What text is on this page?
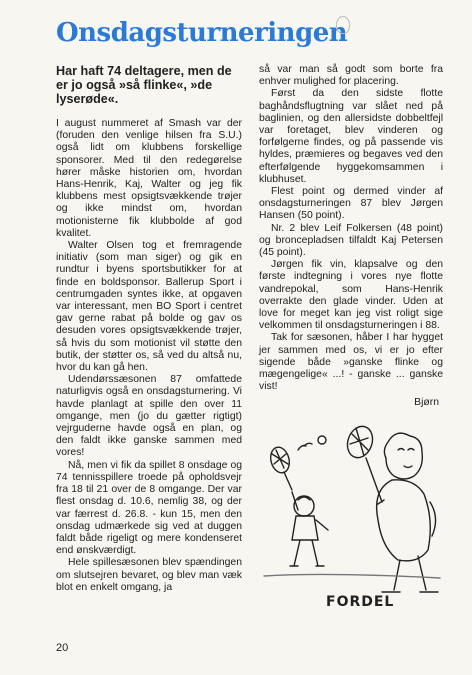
Onsdagsturneringen

Har haft 74 deltagere, men de er jo også »så flinke«, »de lyserøde«.

I august nummeret af Smash var der (foruden den venlige hilsen fra S.U.) også lidt om klubbens forskellige sponsorer. Med til den redegørelse hører måske historien om, hvordan Hans-Henrik, Kaj, Walter og jeg fik klubbens mest opsigtsvækkende trøjer og ikke mindst om, hvordan motionisterne fik klubbolde af god kvalitet.

Walter Olsen tog et fremragende initiativ (som man siger) og gik en rundtur i byens sportsbutikker for at finde en boldsponsor. Ballerup Sport i centrumgaden syntes ikke, at opgaven var interessant, men BO Sport i centret gav gerne rabat på bolde og gav os desuden vores opsigtsvækkende trøjer, så hvis du som motionist vil støtte den butik, der støtter os, så ved du altså nu, hvor du kan gå hen.

Udendørssæsonen 87 omfattede naturligvis også en onsdagsturnering. Vi havde planlagt at spille den over 11 omgange, men (jo du gætter rigtigt) vejrguderne havde også en plan, og den faldt ikke ganske sammen med vores!

Nå, men vi fik da spillet 8 onsdage og 74 tennisspillere troede på opholdsvejr fra 18 til 21 over de 8 omgange. Der var flest onsdag d. 10.6, nemlig 38, og der var færrest d. 26.8. - kun 15, men den onsdag udmærkede sig ved at duggen faldt både rigeligt og mere kondenseret end ønskværdigt.

Hele spillesæsonen blev spændingen om slutsejren bevaret, og blev man væk blot en enkelt omgang, ja

så var man så godt som borte fra enhver mulighed for placering.

Først da den sidste flotte baghåndsflugtning var slået ned på baglinien, og den allersidste dobbeltfejl var foretaget, blev vinderen og forfølgerne findes, og på passende vis hyldes, præmieres og begaves ved den efterfølgende hyggekomsammen i klubhuset.

Flest point og dermed vinder af onsdagsturneringen 87 blev Jørgen Hansen (50 point).

Nr. 2 blev Leif Folkersen (48 point) og broncepladsen tilfaldt Kaj Petersen (45 point).

Jørgen fik vin, klapsalve og den første indtegning i vores nye flotte vandrepokal, som Hans-Henrik overrakte den glade vinder. Uden at love for meget kan jeg vist roligt sige velkommen til onsdagsturneringen i 88.

Tak for sæsonen, håber I har hygget jer sammen med os, vi er jo efter sigende både »ganske flinke og mægengelige« ...! - ganske ... ganske vist!

Bjørn

FORDEL
20
